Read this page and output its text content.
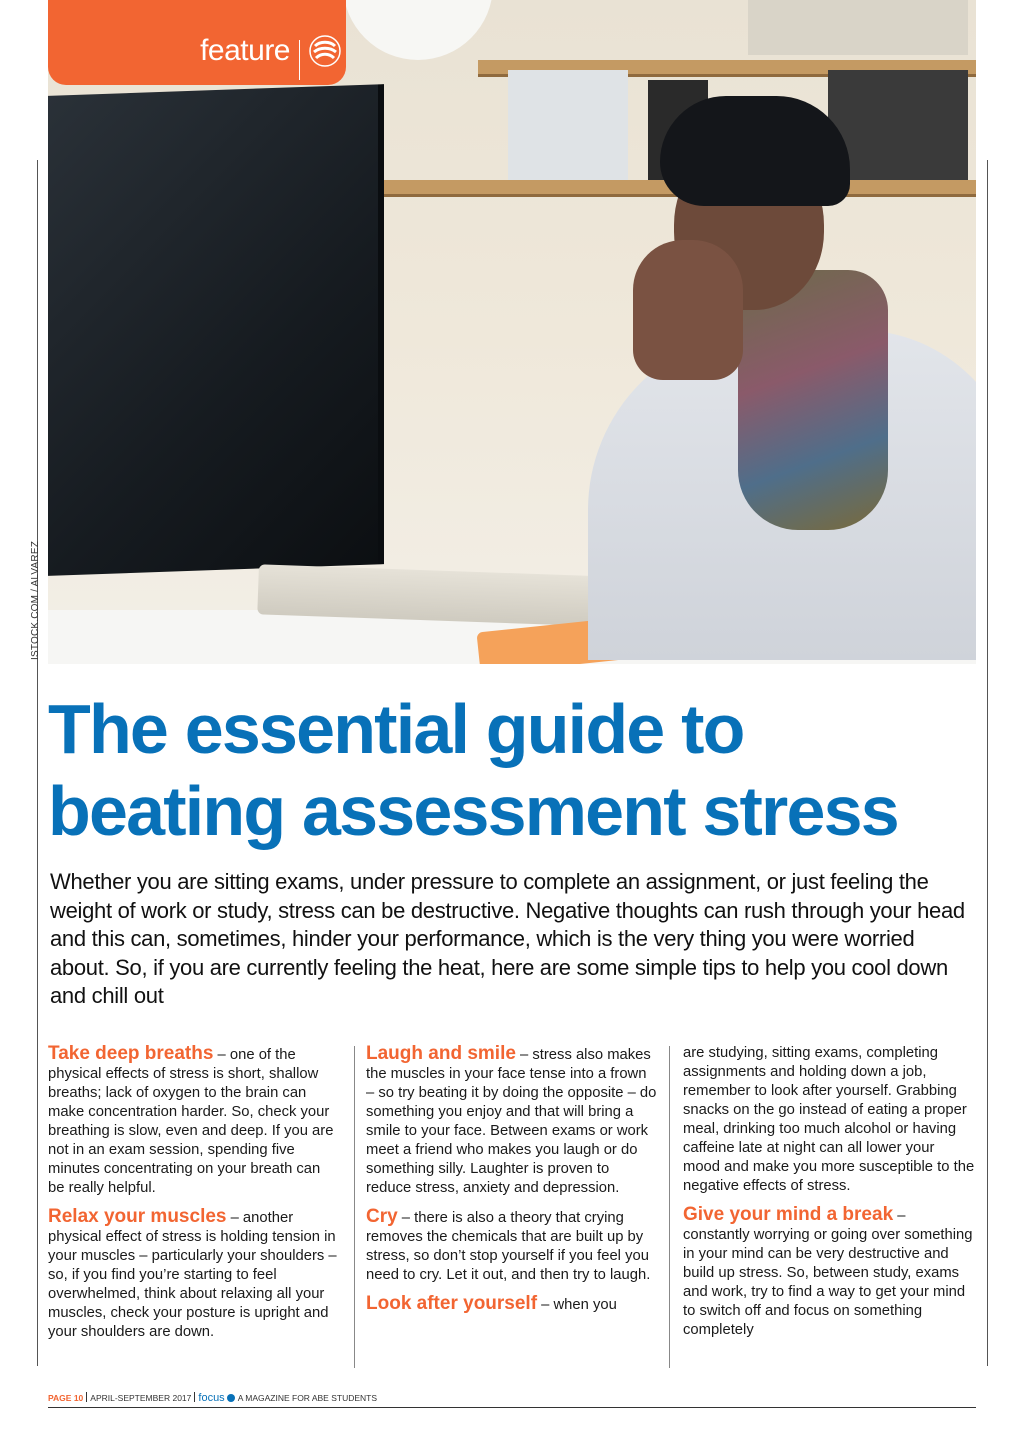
feature
ISTOCK.COM / ALVAREZ
The essential guide to
beating assessment stress

Whether you are sitting exams, under pressure to complete an assignment, or just feeling the weight of work or study, stress can be destructive. Negative thoughts can rush through your head and this can, sometimes, hinder your performance, which is the very thing you were worried about. So, if you are currently feeling the heat, here are some simple tips to help you cool down and chill out

Take deep breaths – one of the physical effects of stress is short, shallow breaths; lack of oxygen to the brain can make concentration harder. So, check your breathing is slow, even and deep. If you are not in an exam session, spending five minutes concentrating on your breath can be really helpful.

Relax your muscles – another physical effect of stress is holding tension in your muscles – particularly your shoulders – so, if you find you’re starting to feel overwhelmed, think about relaxing all your muscles, check your posture is upright and your shoulders are down.

Laugh and smile – stress also makes the muscles in your face tense into a frown – so try beating it by doing the opposite – do something you enjoy and that will bring a smile to your face. Between exams or work meet a friend who makes you laugh or do something silly. Laughter is proven to reduce stress, anxiety and depression.

Cry – there is also a theory that crying removes the chemicals that are built up by stress, so don’t stop yourself if you feel you need to cry. Let it out, and then try to laugh.

Look after yourself – when you

are studying, sitting exams, completing assignments and holding down a job, remember to look after yourself. Grabbing snacks on the go instead of eating a proper meal, drinking too much alcohol or having caffeine late at night can all lower your mood and make you more susceptible to the negative effects of stress.

Give your mind a break – constantly worrying or going over something in your mind can be very destructive and build up stress. So, between study, exams and work, try to find a way to get your mind to switch off and focus on something completely

PAGE 10 APRIL-SEPTEMBER 2017 focus A MAGAZINE FOR ABE STUDENTS
